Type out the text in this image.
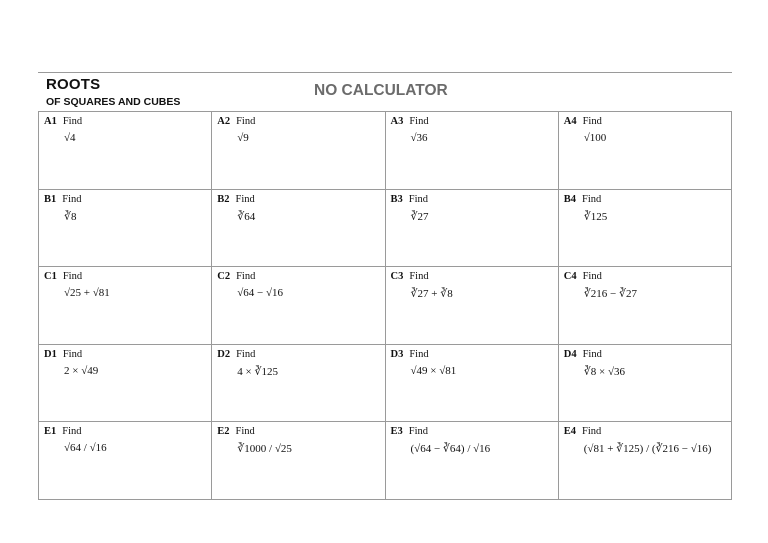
ROOTS
OF SQUARES AND CUBES
NO CALCULATOR
A1 Find
√4
A2 Find
√9
A3 Find
√36
A4 Find
√100
B1 Find
∛8
B2 Find
∛64
B3 Find
∛27
B4 Find
∛125
C1 Find
√25 + √81
C2 Find
√64 − √16
C3 Find
∛27 + ∛8
C4 Find
∛216 − ∛27
D1 Find
2 × √49
D2 Find
4 × ∛125
D3 Find
√49 × √81
D4 Find
∛8 × √36
E1 Find
√64 / √16
E2 Find
∛1000 / √25
E3 Find
(√64 − ∛64) / √16
E4 Find
(√81 + ∛125) / (∛216 − √16)
